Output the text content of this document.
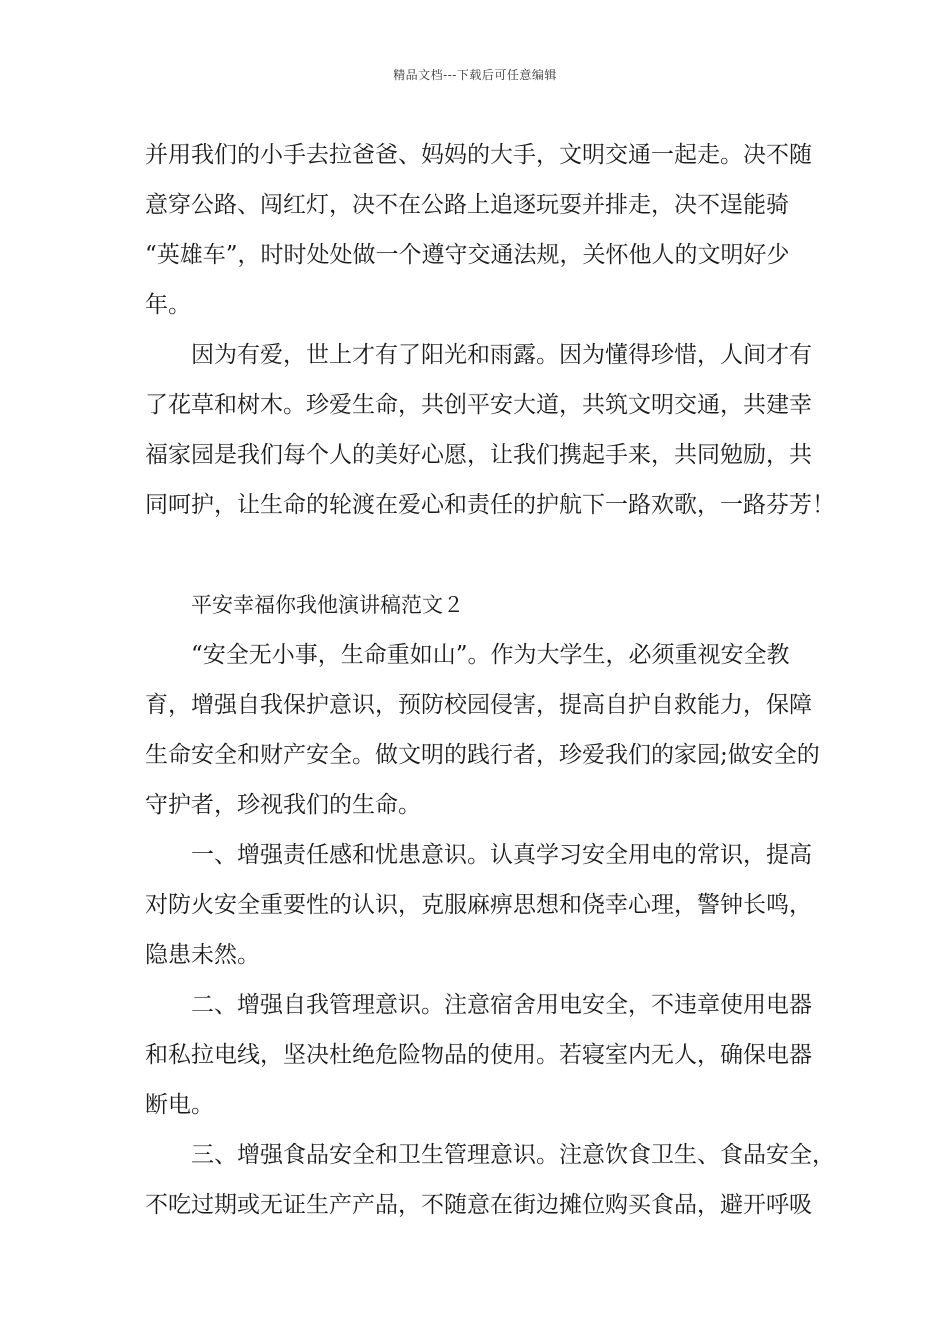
精品文档---下载后可任意编辑
并用我们的小手去拉爸爸、妈妈的大手，文明交通一起走。决不随
意穿公路、闯红灯，决不在公路上追逐玩耍并排走，决不逞能骑
“英雄车”，时时处处做一个遵守交通法规，关怀他人的文明好少
年。
因为有爱，世上才有了阳光和雨露。因为懂得珍惜，人间才有
了花草和树木。珍爱生命，共创平安大道，共筑文明交通，共建幸
福家园是我们每个人的美好心愿，让我们携起手来，共同勉励，共
同呵护，让生命的轮渡在爱心和责任的护航下一路欢歌，一路芬芳！
平安幸福你我他演讲稿范文２
“安全无小事，生命重如山”。作为大学生，必须重视安全教
育，增强自我保护意识，预防校园侵害，提高自护自救能力，保障
生命安全和财产安全。做文明的践行者，珍爱我们的家园;做安全的
守护者，珍视我们的生命。
一、增强责任感和忧患意识。认真学习安全用电的常识，提高
对防火安全重要性的认识，克服麻痹思想和侥幸心理，警钟长鸣，
隐患未然。
二、增强自我管理意识。注意宿舍用电安全，不违章使用电器
和私拉电线，坚决杜绝危险物品的使用。若寝室内无人，确保电器
断电。
三、增强食品安全和卫生管理意识。注意饮食卫生、食品安全，
不吃过期或无证生产产品，不随意在街边摊位购买食品，避开呼吸
